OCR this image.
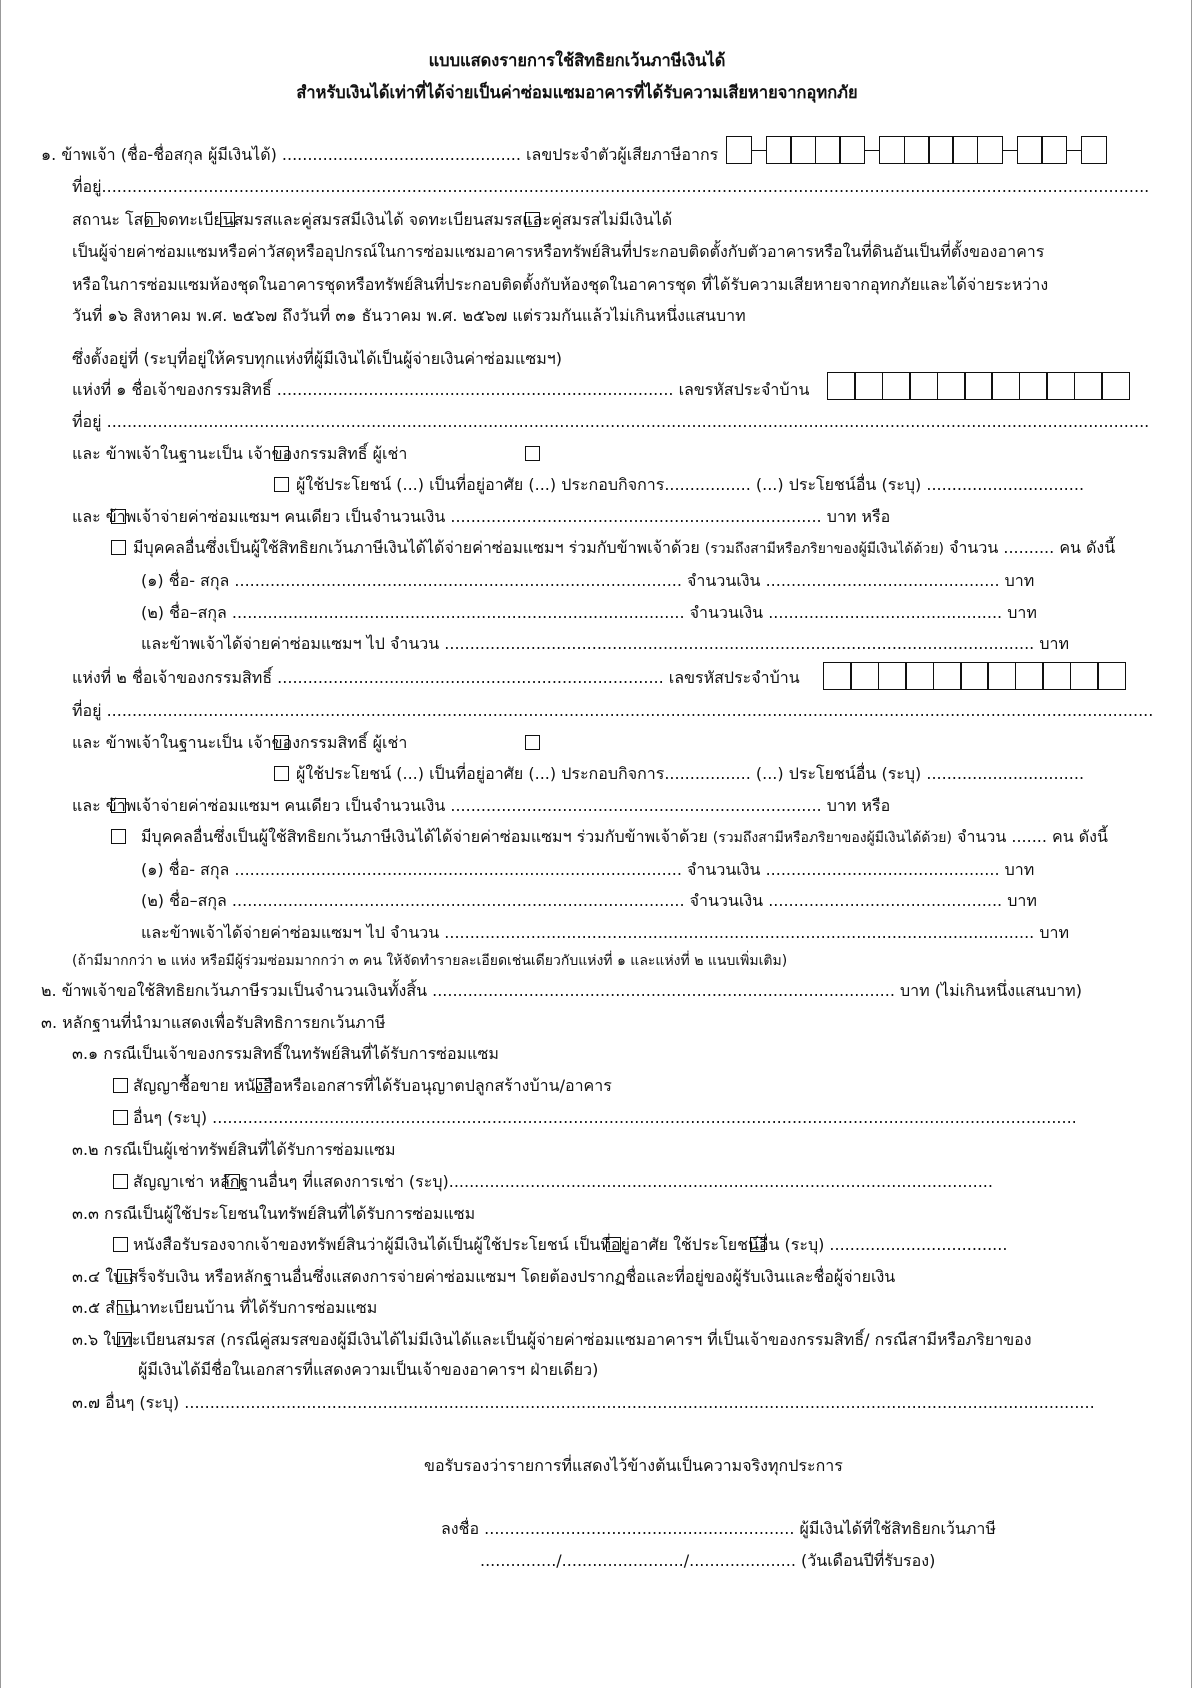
แบบแสดงรายการใช้สิทธิยกเว้นภาษีเงินได้
สำหรับเงินได้เท่าที่ได้จ่ายเป็นค่าซ่อมแซมอาคารที่ได้รับความเสียหายจากอุทกภัย
๑. ข้าพเจ้า (ชื่อ-ชื่อสกุล ผู้มีเงินได้) ............................................... เลขประจำตัวผู้เสียภาษีอากร
ที่อยู่..............................................................................................................................................................................................................
สถานะ โสด จดทะเบียนสมรสและคู่สมรสมีเงินได้ จดทะเบียนสมรสและคู่สมรสไม่มีเงินได้
เป็นผู้จ่ายค่าซ่อมแซมหรือค่าวัสดุหรืออุปกรณ์ในการซ่อมแซมอาคารหรือทรัพย์สินที่ประกอบติดตั้งกับตัวอาคารหรือในที่ดินอันเป็นที่ตั้งของอาคาร
หรือในการซ่อมแซมห้องชุดในอาคารชุดหรือทรัพย์สินที่ประกอบติดตั้งกับห้องชุดในอาคารชุด ที่ได้รับความเสียหายจากอุทกภัยและได้จ่ายระหว่าง
วันที่ ๑๖ สิงหาคม พ.ศ. ๒๕๖๗ ถึงวันที่ ๓๑ ธันวาคม พ.ศ. ๒๕๖๗ แต่รวมกันแล้วไม่เกินหนึ่งแสนบาท
ซึ่งตั้งอยู่ที่ (ระบุที่อยู่ให้ครบทุกแห่งที่ผู้มีเงินได้เป็นผู้จ่ายเงินค่าซ่อมแซมฯ)
แห่งที่ ๑ ชื่อเจ้าของกรรมสิทธิ์ .............................................................................. เลขรหัสประจำบ้าน
ที่อยู่ .............................................................................................................................................................................................................
และ ข้าพเจ้าในฐานะเป็น เจ้าของกรรมสิทธิ์ ผู้เช่า
ผู้ใช้ประโยชน์ (...) เป็นที่อยู่อาศัย (...) ประกอบกิจการ................. (...) ประโยชน์อื่น (ระบุ) ...............................
และ ข้าพเจ้าจ่ายค่าซ่อมแซมฯ คนเดียว เป็นจำนวนเงิน ......................................................................... บาท หรือ
มีบุคคลอื่นซึ่งเป็นผู้ใช้สิทธิยกเว้นภาษีเงินได้ได้จ่ายค่าซ่อมแซมฯ ร่วมกับข้าพเจ้าด้วย (รวมถึงสามีหรือภริยาของผู้มีเงินได้ด้วย) จำนวน .......... คน ดังนี้
(๑) ชื่อ- สกุล ........................................................................................ จำนวนเงิน .............................................. บาท
(๒) ชื่อ–สกุล ......................................................................................... จำนวนเงิน .............................................. บาท
และข้าพเจ้าได้จ่ายค่าซ่อมแซมฯ ไป จำนวน .................................................................................................................... บาท
แห่งที่ ๒ ชื่อเจ้าของกรรมสิทธิ์ ............................................................................ เลขรหัสประจำบ้าน
ที่อยู่ ..............................................................................................................................................................................................................
และ ข้าพเจ้าในฐานะเป็น เจ้าของกรรมสิทธิ์ ผู้เช่า
ผู้ใช้ประโยชน์ (...) เป็นที่อยู่อาศัย (...) ประกอบกิจการ................. (...) ประโยชน์อื่น (ระบุ) ...............................
และ ข้าพเจ้าจ่ายค่าซ่อมแซมฯ คนเดียว เป็นจำนวนเงิน ......................................................................... บาท หรือ
มีบุคคลอื่นซึ่งเป็นผู้ใช้สิทธิยกเว้นภาษีเงินได้ได้จ่ายค่าซ่อมแซมฯ ร่วมกับข้าพเจ้าด้วย (รวมถึงสามีหรือภริยาของผู้มีเงินได้ด้วย) จำนวน ....... คน ดังนี้
(๑) ชื่อ- สกุล ........................................................................................ จำนวนเงิน .............................................. บาท
(๒) ชื่อ–สกุล ......................................................................................... จำนวนเงิน .............................................. บาท
และข้าพเจ้าได้จ่ายค่าซ่อมแซมฯ ไป จำนวน .................................................................................................................... บาท
(ถ้ามีมากกว่า ๒ แห่ง หรือมีผู้ร่วมซ่อมมากกว่า ๓ คน ให้จัดทำรายละเอียดเช่นเดียวกับแห่งที่ ๑ และแห่งที่ ๒ แนบเพิ่มเติม)
๒. ข้าพเจ้าขอใช้สิทธิยกเว้นภาษีรวมเป็นจำนวนเงินทั้งสิ้น ........................................................................................... บาท (ไม่เกินหนึ่งแสนบาท)
๓. หลักฐานที่นำมาแสดงเพื่อรับสิทธิการยกเว้นภาษี
๓.๑ กรณีเป็นเจ้าของกรรมสิทธิ์ในทรัพย์สินที่ได้รับการซ่อมแซม
สัญญาซื้อขาย หนังสือหรือเอกสารที่ได้รับอนุญาตปลูกสร้างบ้าน/อาคาร
อื่นๆ (ระบุ) ..........................................................................................................................................................................
๓.๒ กรณีเป็นผู้เช่าทรัพย์สินที่ได้รับการซ่อมแซม
สัญญาเช่า หลักฐานอื่นๆ ที่แสดงการเช่า (ระบุ)...........................................................................................................
๓.๓ กรณีเป็นผู้ใช้ประโยชนในทรัพย์สินที่ได้รับการซ่อมแซม
หนังสือรับรองจากเจ้าของทรัพย์สินว่าผู้มีเงินได้เป็นผู้ใช้ประโยชน์ เป็นที่อยู่อาศัย ใช้ประโยชน์อื่น (ระบุ) ...................................
๓.๔ ใบเสร็จรับเงิน หรือหลักฐานอื่นซึ่งแสดงการจ่ายค่าซ่อมแซมฯ โดยต้องปรากฏชื่อและที่อยู่ของผู้รับเงินและชื่อผู้จ่ายเงิน
๓.๕ สำเนาทะเบียนบ้าน ที่ได้รับการซ่อมแซม
๓.๖ ใบทะเบียนสมรส (กรณีคู่สมรสของผู้มีเงินได้ไม่มีเงินได้และเป็นผู้จ่ายค่าซ่อมแซมอาคารฯ ที่เป็นเจ้าของกรรมสิทธิ์/ กรณีสามีหรือภริยาของ
ผู้มีเงินได้มีชื่อในเอกสารที่แสดงความเป็นเจ้าของอาคารฯ ฝ่ายเดียว)
๓.๗ อื่นๆ (ระบุ) ...................................................................................................................................................................................
ขอรับรองว่ารายการที่แสดงไว้ข้างต้นเป็นความจริงทุกประการ
ลงชื่อ ............................................................. ผู้มีเงินได้ที่ใช้สิทธิยกเว้นภาษี
.............../......................../..................... (วันเดือนปีที่รับรอง)
